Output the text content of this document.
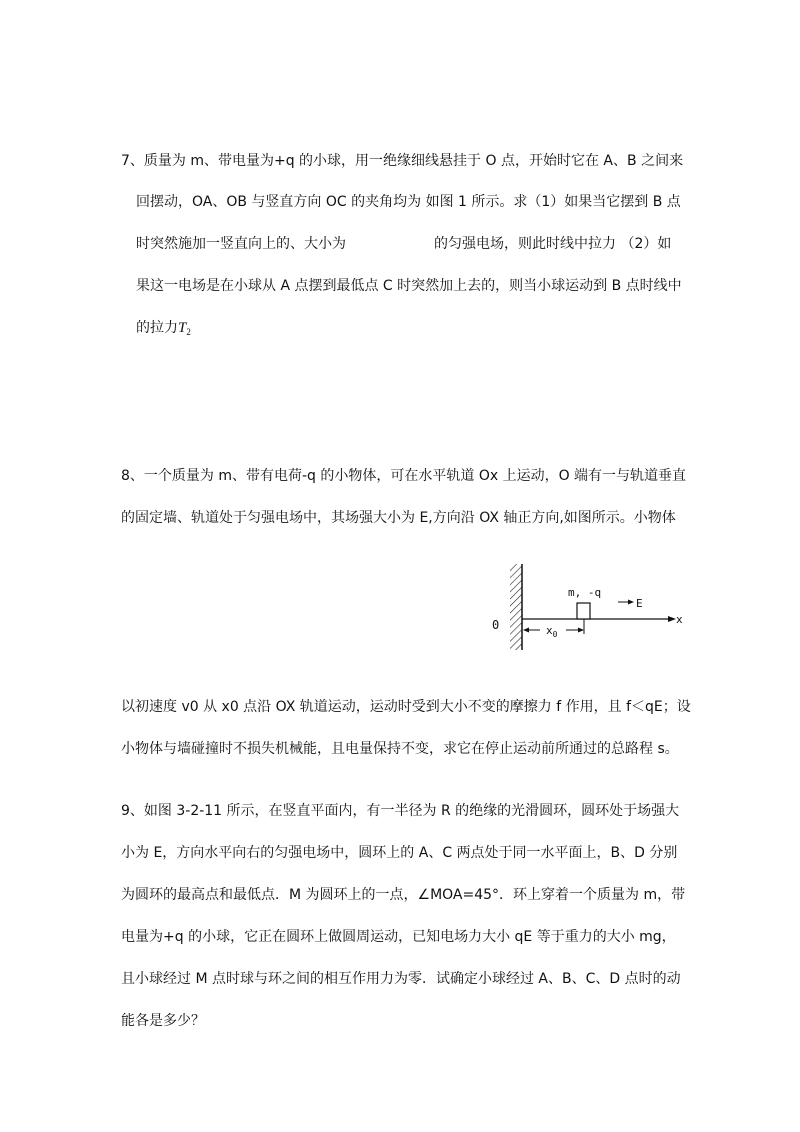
7、质量为 m、带电量为+q 的小球，用一绝缘细线悬挂于 O 点，开始时它在 A、B 之间来
回摆动，OA、OB 与竖直方向 OC 的夹角均为 如图 1 所示。求（1）如果当它摆到 B 点
时突然施加一竖直向上的、大小为	的匀强电场，则此时线中拉力 （2）如
果这一电场是在小球从 A 点摆到最低点 C 时突然加上去的，则当小球运动到 B 点时线中
的拉力$T_2$
8、一个质量为 m、带有电荷-q 的小物体，可在水平轨道 Ox 上运动，O 端有一与轨道垂直
的固定墙、轨道处于匀强电场中，其场强大小为 E,方向沿 OX 轴正方向,如图所示。小物体
m, -q
E
0	x
$x_0$
以初速度 v0 从 x0 点沿 OX 轨道运动，运动时受到大小不变的摩擦力 f 作用，且 f＜qE；设
小物体与墙碰撞时不损失机械能，且电量保持不变，求它在停止运动前所通过的总路程 s。
9、如图 3-2-11 所示，在竖直平面内，有一半径为 R 的绝缘的光滑圆环，圆环处于场强大
小为 E，方向水平向右的匀强电场中，圆环上的 A、C 两点处于同一水平面上，B、D 分别
为圆环的最高点和最低点．M 为圆环上的一点，∠MOA=45°．环上穿着一个质量为 m，带
电量为+q 的小球，它正在圆环上做圆周运动，已知电场力大小 qE 等于重力的大小 mg，
且小球经过 M 点时球与环之间的相互作用力为零．试确定小球经过 A、B、C、D 点时的动
能各是多少？
